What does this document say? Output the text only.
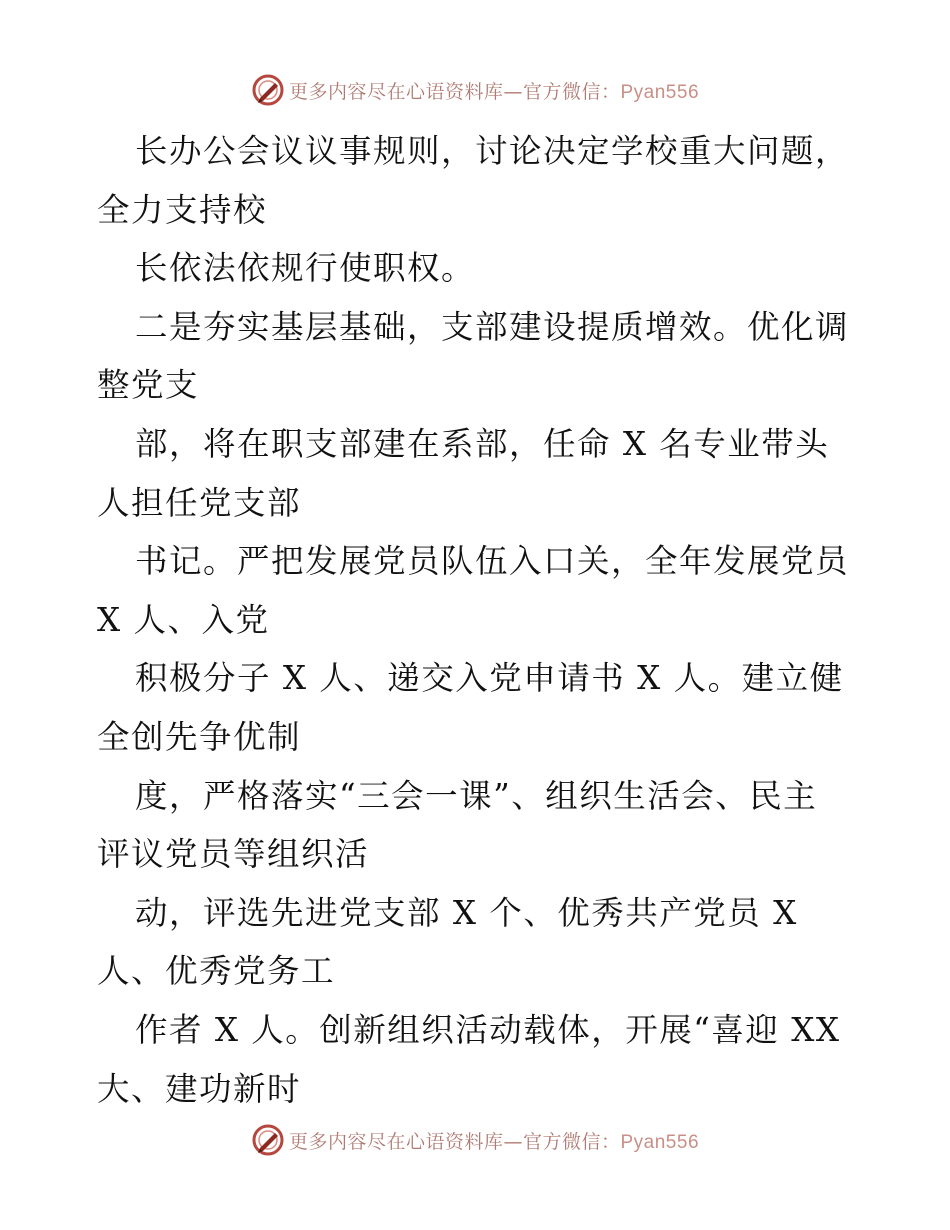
更多内容尽在心语资料库—官方微信：Pyan556
长办公会议议事规则，讨论决定学校重大问题，
全力支持校
长依法依规行使职权。
二是夯实基层基础，支部建设提质增效。优化调
整党支
部，将在职支部建在系部，任命 X 名专业带头
人担任党支部
书记。严把发展党员队伍入口关，全年发展党员
X 人、入党
积极分子 X 人、递交入党申请书 X 人。建立健
全创先争优制
度，严格落实“三会一课”、组织生活会、民主
评议党员等组织活
动，评选先进党支部 X 个、优秀共产党员 X
人、优秀党务工
作者 X 人。创新组织活动载体，开展“喜迎 XX
大、建功新时
更多内容尽在心语资料库—官方微信：Pyan556
